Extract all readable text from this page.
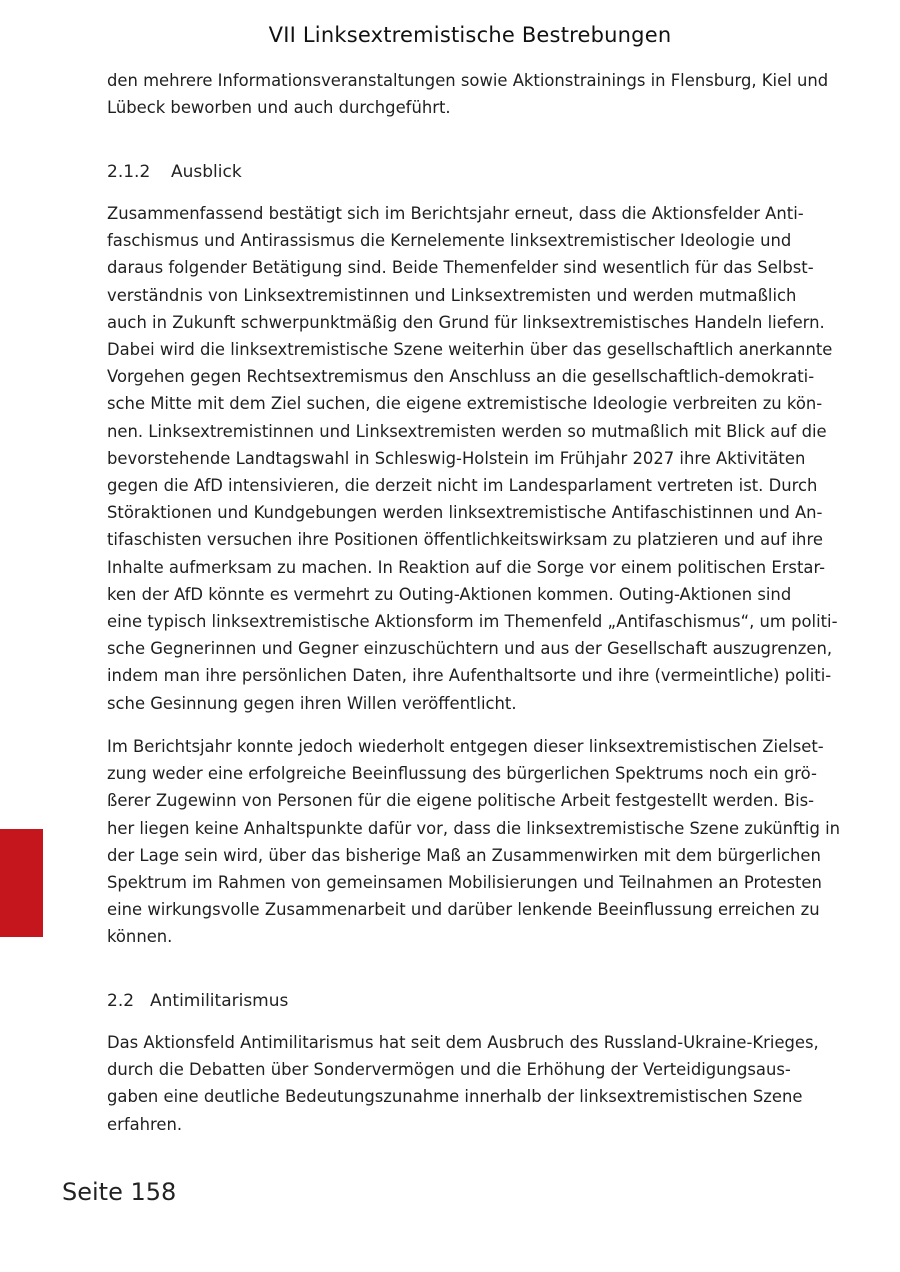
VII Linksextremistische Bestrebungen

den mehrere Informationsveranstaltungen sowie Aktionstrainings in Flensburg, Kiel und
Lübeck beworben und auch durchgeführt.

2.1.2 Ausblick

Zusammenfassend bestätigt sich im Berichtsjahr erneut, dass die Aktionsfelder Anti-
faschismus und Antirassismus die Kernelemente linksextremistischer Ideologie und
daraus folgender Betätigung sind. Beide Themenfelder sind wesentlich für das Selbst-
verständnis von Linksextremistinnen und Linksextremisten und werden mutmaßlich
auch in Zukunft schwerpunktmäßig den Grund für linksextremistisches Handeln liefern.
Dabei wird die linksextremistische Szene weiterhin über das gesellschaftlich anerkannte
Vorgehen gegen Rechtsextremismus den Anschluss an die gesellschaftlich-demokrati-
sche Mitte mit dem Ziel suchen, die eigene extremistische Ideologie verbreiten zu kön-
nen. Linksextremistinnen und Linksextremisten werden so mutmaßlich mit Blick auf die
bevorstehende Landtagswahl in Schleswig-Holstein im Frühjahr 2027 ihre Aktivitäten
gegen die AfD intensivieren, die derzeit nicht im Landesparlament vertreten ist. Durch
Störaktionen und Kundgebungen werden linksextremistische Antifaschistinnen und An-
tifaschisten versuchen ihre Positionen öffentlichkeitswirksam zu platzieren und auf ihre
Inhalte aufmerksam zu machen. In Reaktion auf die Sorge vor einem politischen Erstar-
ken der AfD könnte es vermehrt zu Outing-Aktionen kommen. Outing-Aktionen sind
eine typisch linksextremistische Aktionsform im Themenfeld „Antifaschismus“, um politi-
sche Gegnerinnen und Gegner einzuschüchtern und aus der Gesellschaft auszugrenzen,
indem man ihre persönlichen Daten, ihre Aufenthaltsorte und ihre (vermeintliche) politi-
sche Gesinnung gegen ihren Willen veröffentlicht.

Im Berichtsjahr konnte jedoch wiederholt entgegen dieser linksextremistischen Zielset-
zung weder eine erfolgreiche Beeinflussung des bürgerlichen Spektrums noch ein grö-
ßerer Zugewinn von Personen für die eigene politische Arbeit festgestellt werden. Bis-
her liegen keine Anhaltspunkte dafür vor, dass die linksextremistische Szene zukünftig in
der Lage sein wird, über das bisherige Maß an Zusammenwirken mit dem bürgerlichen
Spektrum im Rahmen von gemeinsamen Mobilisierungen und Teilnahmen an Protesten
eine wirkungsvolle Zusammenarbeit und darüber lenkende Beeinflussung erreichen zu
können.

2.2 Antimilitarismus

Das Aktionsfeld Antimilitarismus hat seit dem Ausbruch des Russland-Ukraine-Krieges,
durch die Debatten über Sondervermögen und die Erhöhung der Verteidigungsaus-
gaben eine deutliche Bedeutungszunahme innerhalb der linksextremistischen Szene
erfahren.

Seite 158
